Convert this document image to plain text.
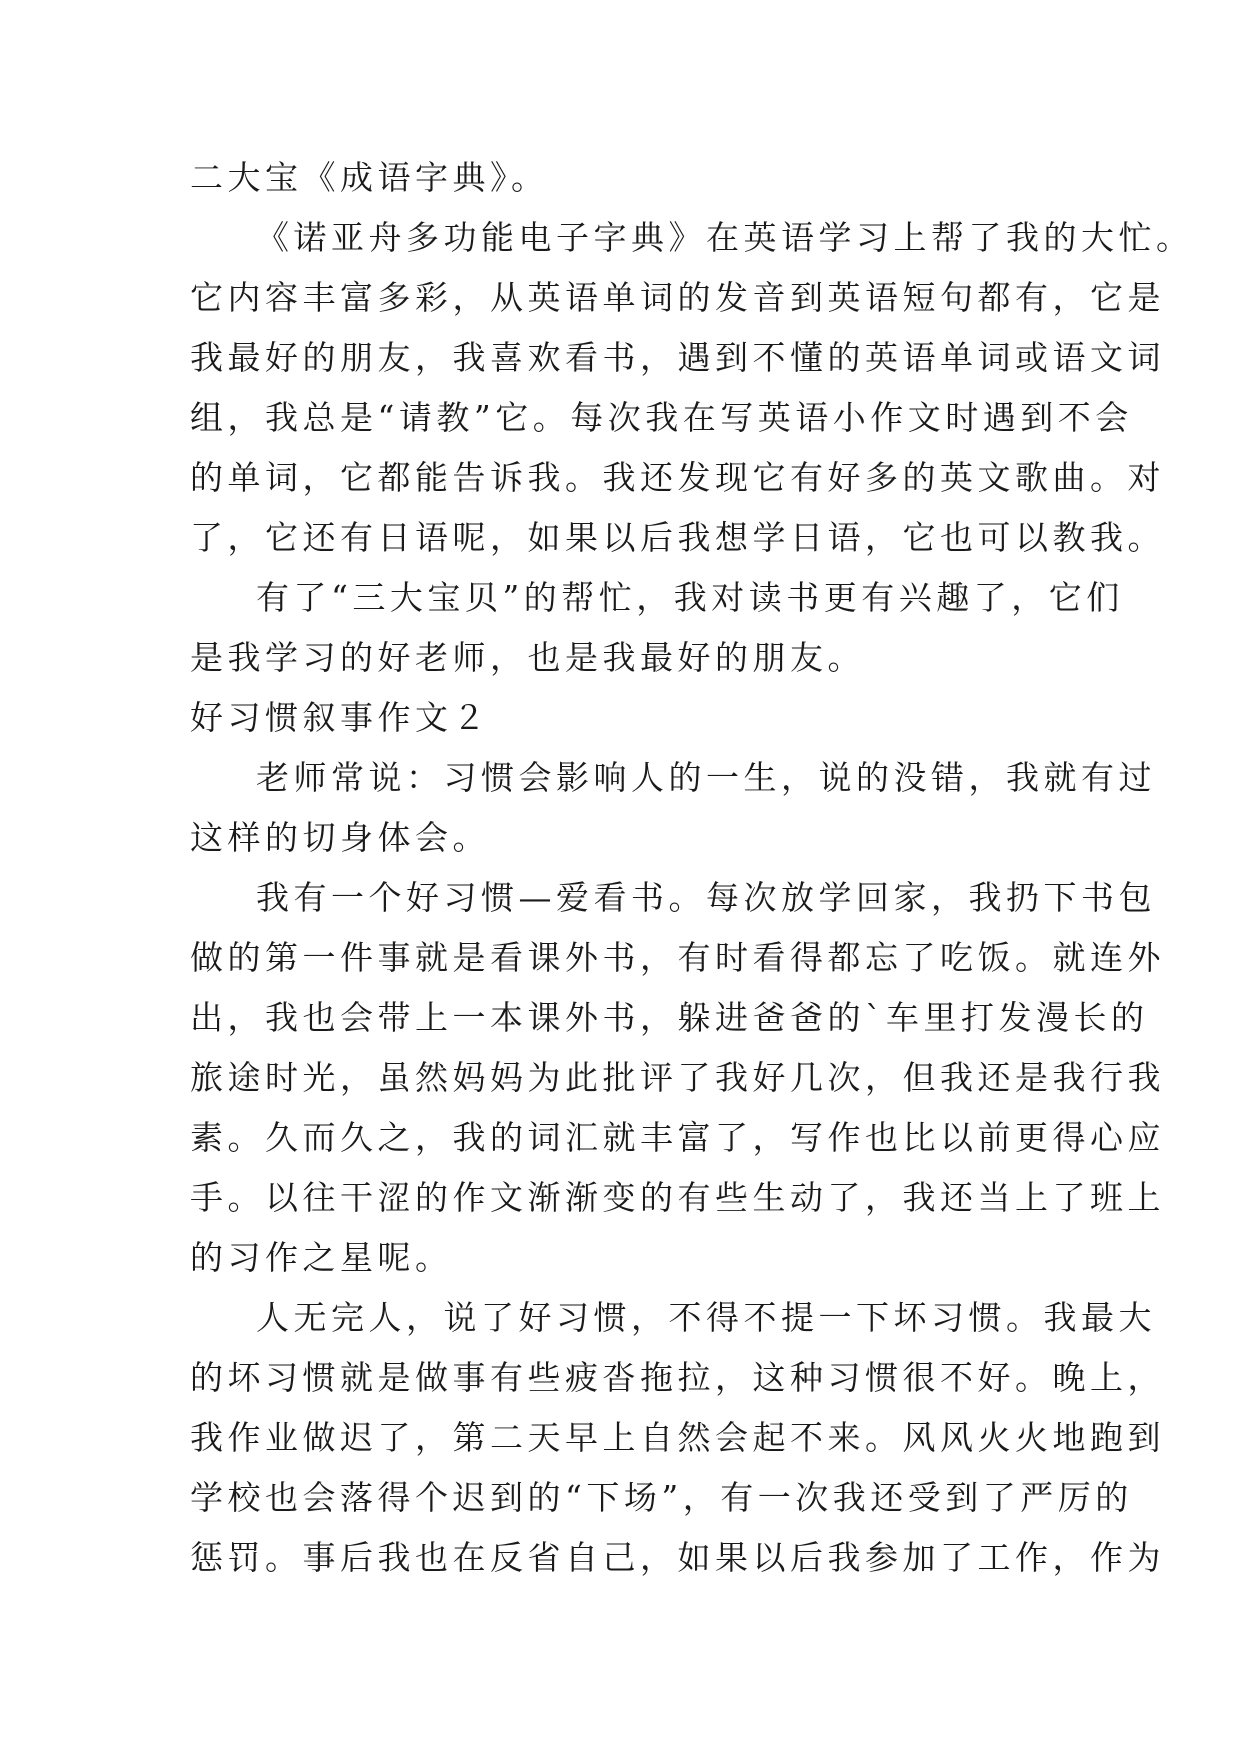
二大宝《成语字典》。
《诺亚舟多功能电子字典》在英语学习上帮了我的大忙。
它内容丰富多彩，从英语单词的发音到英语短句都有，它是
我最好的朋友，我喜欢看书，遇到不懂的英语单词或语文词
组，我总是“请教”它。每次我在写英语小作文时遇到不会
的单词，它都能告诉我。我还发现它有好多的英文歌曲。对
了，它还有日语呢，如果以后我想学日语，它也可以教我。
有了“三大宝贝”的帮忙，我对读书更有兴趣了，它们
是我学习的好老师，也是我最好的朋友。
好习惯叙事作文２
老师常说：习惯会影响人的一生，说的没错，我就有过
这样的切身体会。
我有一个好习惯—爱看书。每次放学回家，我扔下书包
做的第一件事就是看课外书，有时看得都忘了吃饭。就连外
出，我也会带上一本课外书，躲进爸爸的`车里打发漫长的
旅途时光，虽然妈妈为此批评了我好几次，但我还是我行我
素。久而久之，我的词汇就丰富了，写作也比以前更得心应
手。以往干涩的作文渐渐变的有些生动了，我还当上了班上
的习作之星呢。
人无完人，说了好习惯，不得不提一下坏习惯。我最大
的坏习惯就是做事有些疲沓拖拉，这种习惯很不好。晚上，
我作业做迟了，第二天早上自然会起不来。风风火火地跑到
学校也会落得个迟到的“下场”，有一次我还受到了严厉的
惩罚。事后我也在反省自己，如果以后我参加了工作，作为
